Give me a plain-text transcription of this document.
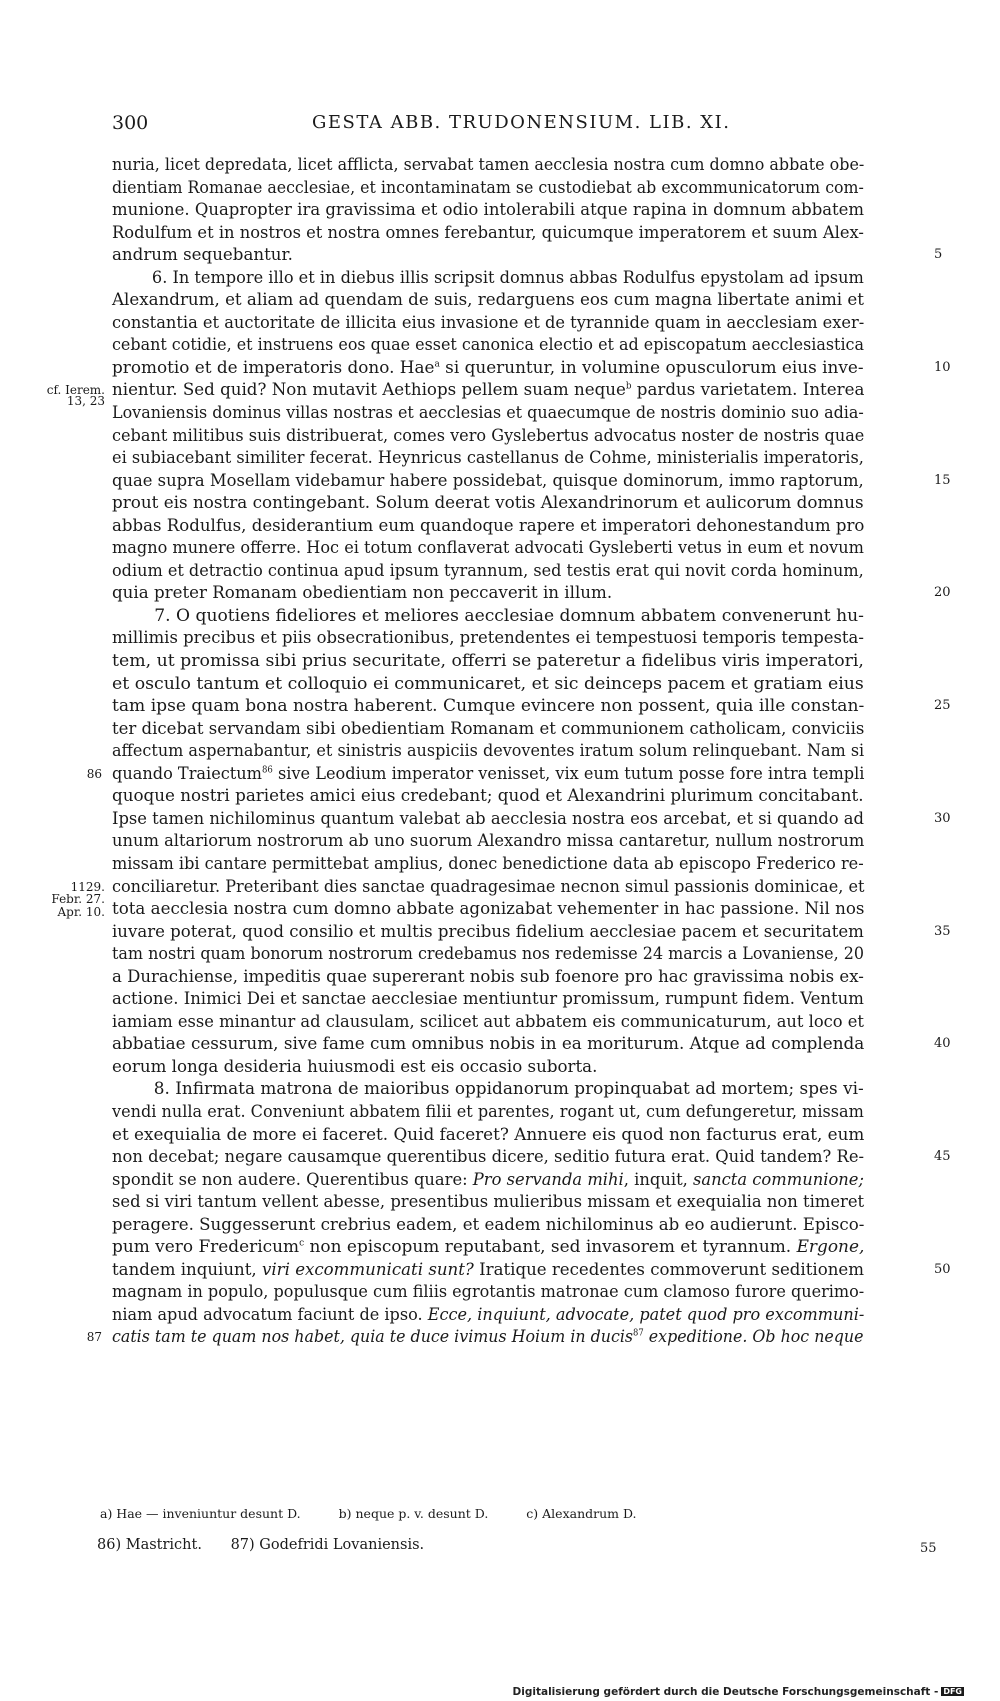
300	GESTA ABB. TRUDONENSIUM. LIB. XI.
nuria, licet depredata, licet afflicta, servabat tamen aecclesia nostra cum domno abbate obe-
dientiam Romanae aecclesiae, et incontaminatam se custodiebat ab excommunicatorum com-
munione. Quapropter ira gravissima et odio intolerabili atque rapina in domnum abbatem
Rodulfum et in nostros et nostra omnes ferebantur, quicumque imperatorem et suum Alex-
andrum sequebantur.	5
6. In tempore illo et in diebus illis scripsit domnus abbas Rodulfus epystolam ad ipsum
Alexandrum, et aliam ad quendam de suis, redarguens eos cum magna libertate animi et
constantia et auctoritate de illicita eius invasione et de tyrannide quam in aecclesiam exer-
cebant cotidie, et instruens eos quae esset canonica electio et ad episcopatum aecclesiastica
promotio et de imperatoris dono. Hae$^a$ si queruntur, in volumine opusculorum eius inve-	10
cf. Ierem.
13, 23
nientur. Sed quid? Non mutavit Aethiops pellem suam neque$^b$ pardus varietatem. Interea
Lovaniensis dominus villas nostras et aecclesias et quaecumque de nostris dominio suo adia-
cebant militibus suis distribuerat, comes vero Gyslebertus advocatus noster de nostris quae
ei subiacebant similiter fecerat. Heynricus castellanus de Cohme, ministerialis imperatoris,
quae supra Mosellam videbamur habere possidebat, quisque dominorum, immo raptorum,	15
prout eis nostra contingebant. Solum deerat votis Alexandrinorum et aulicorum domnus
abbas Rodulfus, desiderantium eum quandoque rapere et imperatori dehonestandum pro
magno munere offerre. Hoc ei totum conflaverat advocati Gysleberti vetus in eum et novum
odium et detractio continua apud ipsum tyrannum, sed testis erat qui novit corda hominum,
quia preter Romanam obedientiam non peccaverit in illum.	20
7. O quotiens fideliores et meliores aecclesiae domnum abbatem convenerunt hu-
millimis precibus et piis obsecrationibus, pretendentes ei tempestuosi temporis tempesta-
tem, ut promissa sibi prius securitate, offerri se pateretur a fidelibus viris imperatori,
et osculo tantum et colloquio ei communicaret, et sic deinceps pacem et gratiam eius
tam ipse quam bona nostra haberent. Cumque evincere non possent, quia ille constan-	25
ter dicebat servandam sibi obedientiam Romanam et communionem catholicam, conviciis
affectum aspernabantur, et sinistris auspiciis devoventes iratum solum relinquebant. Nam si
86 quando Traiectum$^{86}$ sive Leodium imperator venisset, vix eum tutum posse fore intra templi
quoque nostri parietes amici eius credebant; quod et Alexandrini plurimum concitabant.
Ipse tamen nichilominus quantum valebat ab aecclesia nostra eos arcebat, et si quando ad	30
unum altariorum nostrorum ab uno suorum Alexandro missa cantaretur, nullum nostrorum
missam ibi cantare permittebat amplius, donec benedictione data ab episcopo Frederico re-
1129.
Febr. 27.
Apr. 10.
conciliaretur. Preteribant dies sanctae quadragesimae necnon simul passionis dominicae, et
tota aecclesia nostra cum domno abbate agonizabat vehementer in hac passione. Nil nos
iuvare poterat, quod consilio et multis precibus fidelium aecclesiae pacem et securitatem	35
tam nostri quam bonorum nostrorum credebamus nos redemisse 24 marcis a Lovaniense, 20
a Durachiense, impeditis quae supererant nobis sub foenore pro hac gravissima nobis ex-
actione. Inimici Dei et sanctae aecclesiae mentiuntur promissum, rumpunt fidem. Ventum
iamiam esse minantur ad clausulam, scilicet aut abbatem eis communicaturum, aut loco et
abbatiae cessurum, sive fame cum omnibus nobis in ea moriturum. Atque ad complenda	40
eorum longa desideria huiusmodi est eis occasio suborta.
8. Infirmata matrona de maioribus oppidanorum propinquabat ad mortem; spes vi-
vendi nulla erat. Conveniunt abbatem filii et parentes, rogant ut, cum defungeretur, missam
et exequialia de more ei faceret. Quid faceret? Annuere eis quod non facturus erat, eum
non decebat; negare causamque querentibus dicere, seditio futura erat. Quid tandem? Re-	45
spondit se non audere. Querentibus quare: Pro servanda mihi, inquit, sancta communione;
sed si viri tantum vellent abesse, presentibus mulieribus missam et exequialia non timeret
peragere. Suggesserunt crebrius eadem, et eadem nichilominus ab eo audierunt. Episco-
pum vero Fredericum$^c$ non episcopum reputabant, sed invasorem et tyrannum. Ergone,
tandem inquiunt, viri excommunicati sunt? Iratique recedentes commoverunt seditionem	50
magnam in populo, populusque cum filiis egrotantis matronae cum clamoso furore querimo-
niam apud advocatum faciunt de ipso. Ecce, inquiunt, advocate, patet quod pro excommuni-
87 catis tam te quam nos habet, quia te duce ivimus Hoium in ducis$^{87}$ expeditione. Ob hoc neque
a) Hae — inveniuntur desunt D.	b) neque p. v. desunt D.	c) Alexandrum D.
86) Mastricht. 87) Godefridi Lovaniensis.	55
Digitalisierung gefördert durch die Deutsche Forschungsgemeinschaft - DFG
